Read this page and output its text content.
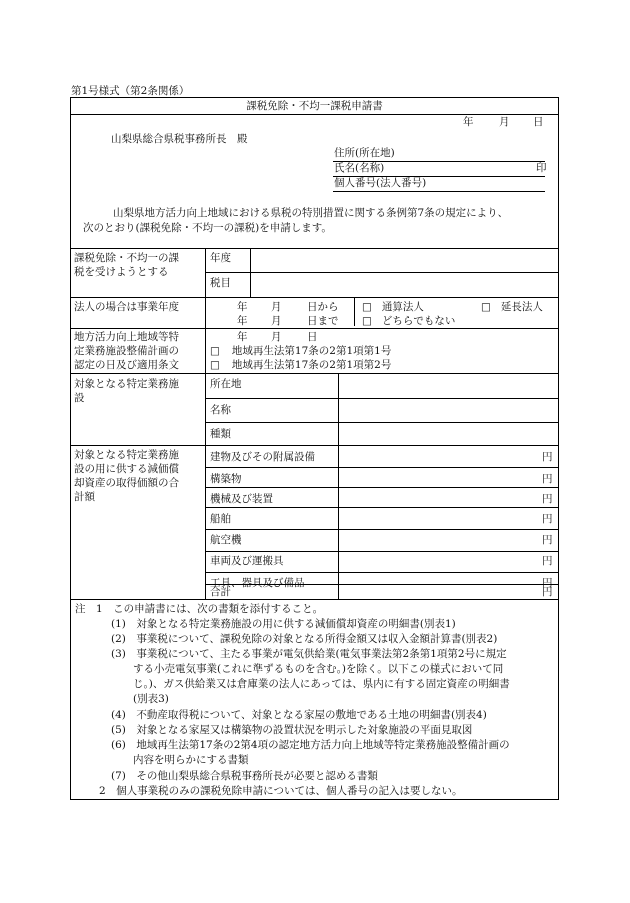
第1号様式（第2条関係）
課税免除・不均一課税申請書
年 月 日
山梨県総合県税事務所長　殿
住所(所在地)
氏名(名称)	印
個人番号(法人番号)
山梨県地方活力向上地域における県税の特別措置に関する条例第7条の規定により、
次のとおり(課税免除・不均一の課税)を申請します。
課税免除・不均一の課
税を受けようとする
年度
税目
法人の場合は事業年度	年 月 日から
年 月 日まで
□ 通算法人	□ 延長法人
□ どちらでもない
地方活力向上地域等特
定業務施設整備計画の
認定の日及び適用条文
年 月 日
□ 地域再生法第17条の2第1項第1号
□ 地域再生法第17条の2第1項第2号
対象となる特定業務施
設
所在地
名称
種類
対象となる特定業務施
設の用に供する減価償
却資産の取得価額の合
計額
建物及びその附属設備	円
構築物	円
機械及び装置	円
船舶	円
航空機	円
車両及び運搬具	円
工具、器具及び備品	円
合計	円
注　1　この申請書には、次の書類を添付すること。
(1)　対象となる特定業務施設の用に供する減価償却資産の明細書(別表1)
(2)　事業税について、課税免除の対象となる所得金額又は収入金額計算書(別表2)
(3)　事業税について、主たる事業が電気供給業(電気事業法第2条第1項第2号に規定
する小売電気事業(これに準ずるものを含む。)を除く。以下この様式において同
じ。)、ガス供給業又は倉庫業の法人にあっては、県内に有する固定資産の明細書
(別表3)
(4)　不動産取得税について、対象となる家屋の敷地である土地の明細書(別表4)
(5)　対象となる家屋又は構築物の設置状況を明示した対象施設の平面見取図
(6)　地域再生法第17条の2第4項の認定地方活力向上地域等特定業務施設整備計画の
内容を明らかにする書類
(7)　その他山梨県総合県税事務所長が必要と認める書類
2　個人事業税のみの課税免除申請については、個人番号の記入は要しない。
